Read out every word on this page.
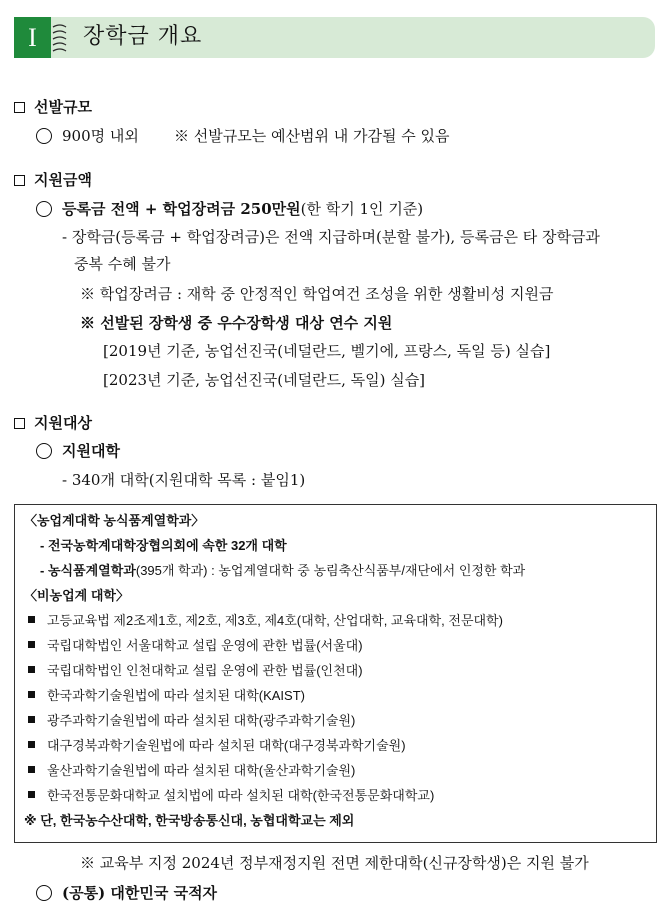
I	장학금 개요
선발규모
900명 내외 ※ 선발규모는 예산범위 내 가감될 수 있음
지원금액
등록금 전액 + 학업장려금 250만원(한 학기 1인 기준)
- 장학금(등록금 + 학업장려금)은 전액 지급하며(분할 불가), 등록금은 타 장학금과
중복 수혜 불가
※ 학업장려금 : 재학 중 안정적인 학업여건 조성을 위한 생활비성 지원금
※ 선발된 장학생 중 우수장학생 대상 연수 지원
[2019년 기준, 농업선진국(네덜란드, 벨기에, 프랑스, 독일 등) 실습]
[2023년 기준, 농업선진국(네덜란드, 독일) 실습]
지원대상
지원대학
- 340개 대학(지원대학 목록 : 붙임1)
〈농업계대학 농식품계열학과〉
- 전국농학계대학장협의회에 속한 32개 대학
- 농식품계열학과(395개 학과) : 농업계열대학 중 농림축산식품부/재단에서 인정한 학과
〈비농업계 대학〉
고등교육법 제2조제1호, 제2호, 제3호, 제4호(대학, 산업대학, 교육대학, 전문대학)
국립대학법인 서울대학교 설립 운영에 관한 법률(서울대)
국립대학법인 인천대학교 설립 운영에 관한 법률(인천대)
한국과학기술원법에 따라 설치된 대학(KAIST)
광주과학기술원법에 따라 설치된 대학(광주과학기술원)
대구경북과학기술원법에 따라 설치된 대학(대구경북과학기술원)
울산과학기술원법에 따라 설치된 대학(울산과학기술원)
한국전통문화대학교 설치법에 따라 설치된 대학(한국전통문화대학교)
※ 단, 한국농수산대학, 한국방송통신대, 농협대학교는 제외
※ 교육부 지정 2024년 정부재정지원 전면 제한대학(신규장학생)은 지원 불가
(공통) 대한민국 국적자
